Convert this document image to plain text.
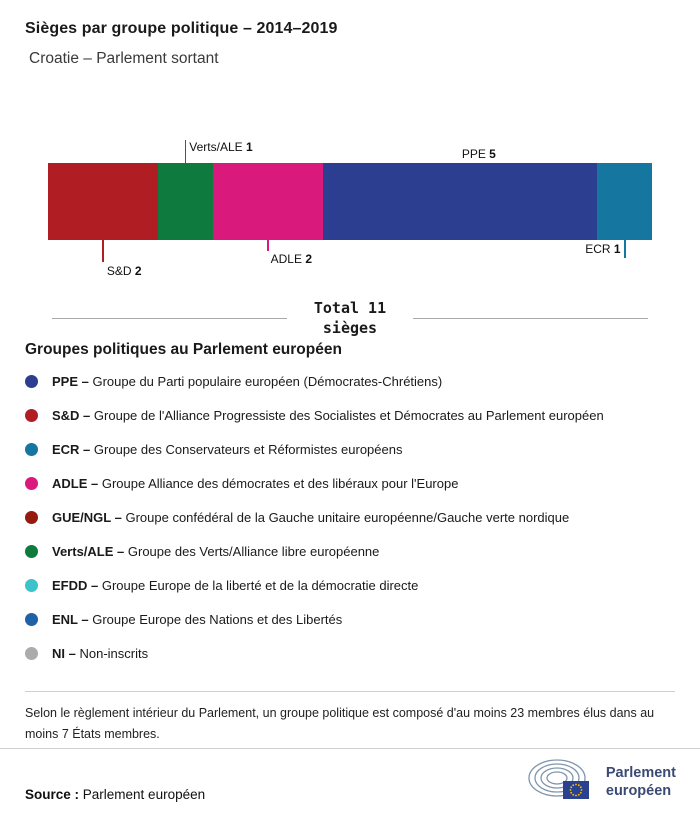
Sièges par groupe politique – 2014–2019
Croatie – Parlement sortant
S&D 2
Verts/ALE 1
ADLE 2
PPE 5
ECR 1
Total 11
sièges
Groupes politiques au Parlement européen
PPE – Groupe du Parti populaire européen (Démocrates-Chrétiens)
S&D – Groupe de l'Alliance Progressiste des Socialistes et Démocrates au Parlement européen
ECR – Groupe des Conservateurs et Réformistes européens
ADLE – Groupe Alliance des démocrates et des libéraux pour l'Europe
GUE/NGL – Groupe confédéral de la Gauche unitaire européenne/Gauche verte nordique
Verts/ALE – Groupe des Verts/Alliance libre européenne
EFDD – Groupe Europe de la liberté et de la démocratie directe
ENL – Groupe Europe des Nations et des Libertés
NI – Non-inscrits
Selon le règlement intérieur du Parlement, un groupe politique est composé d'au moins 23 membres élus dans au moins 7 États membres.
Source : Parlement européen
Parlement
européen
